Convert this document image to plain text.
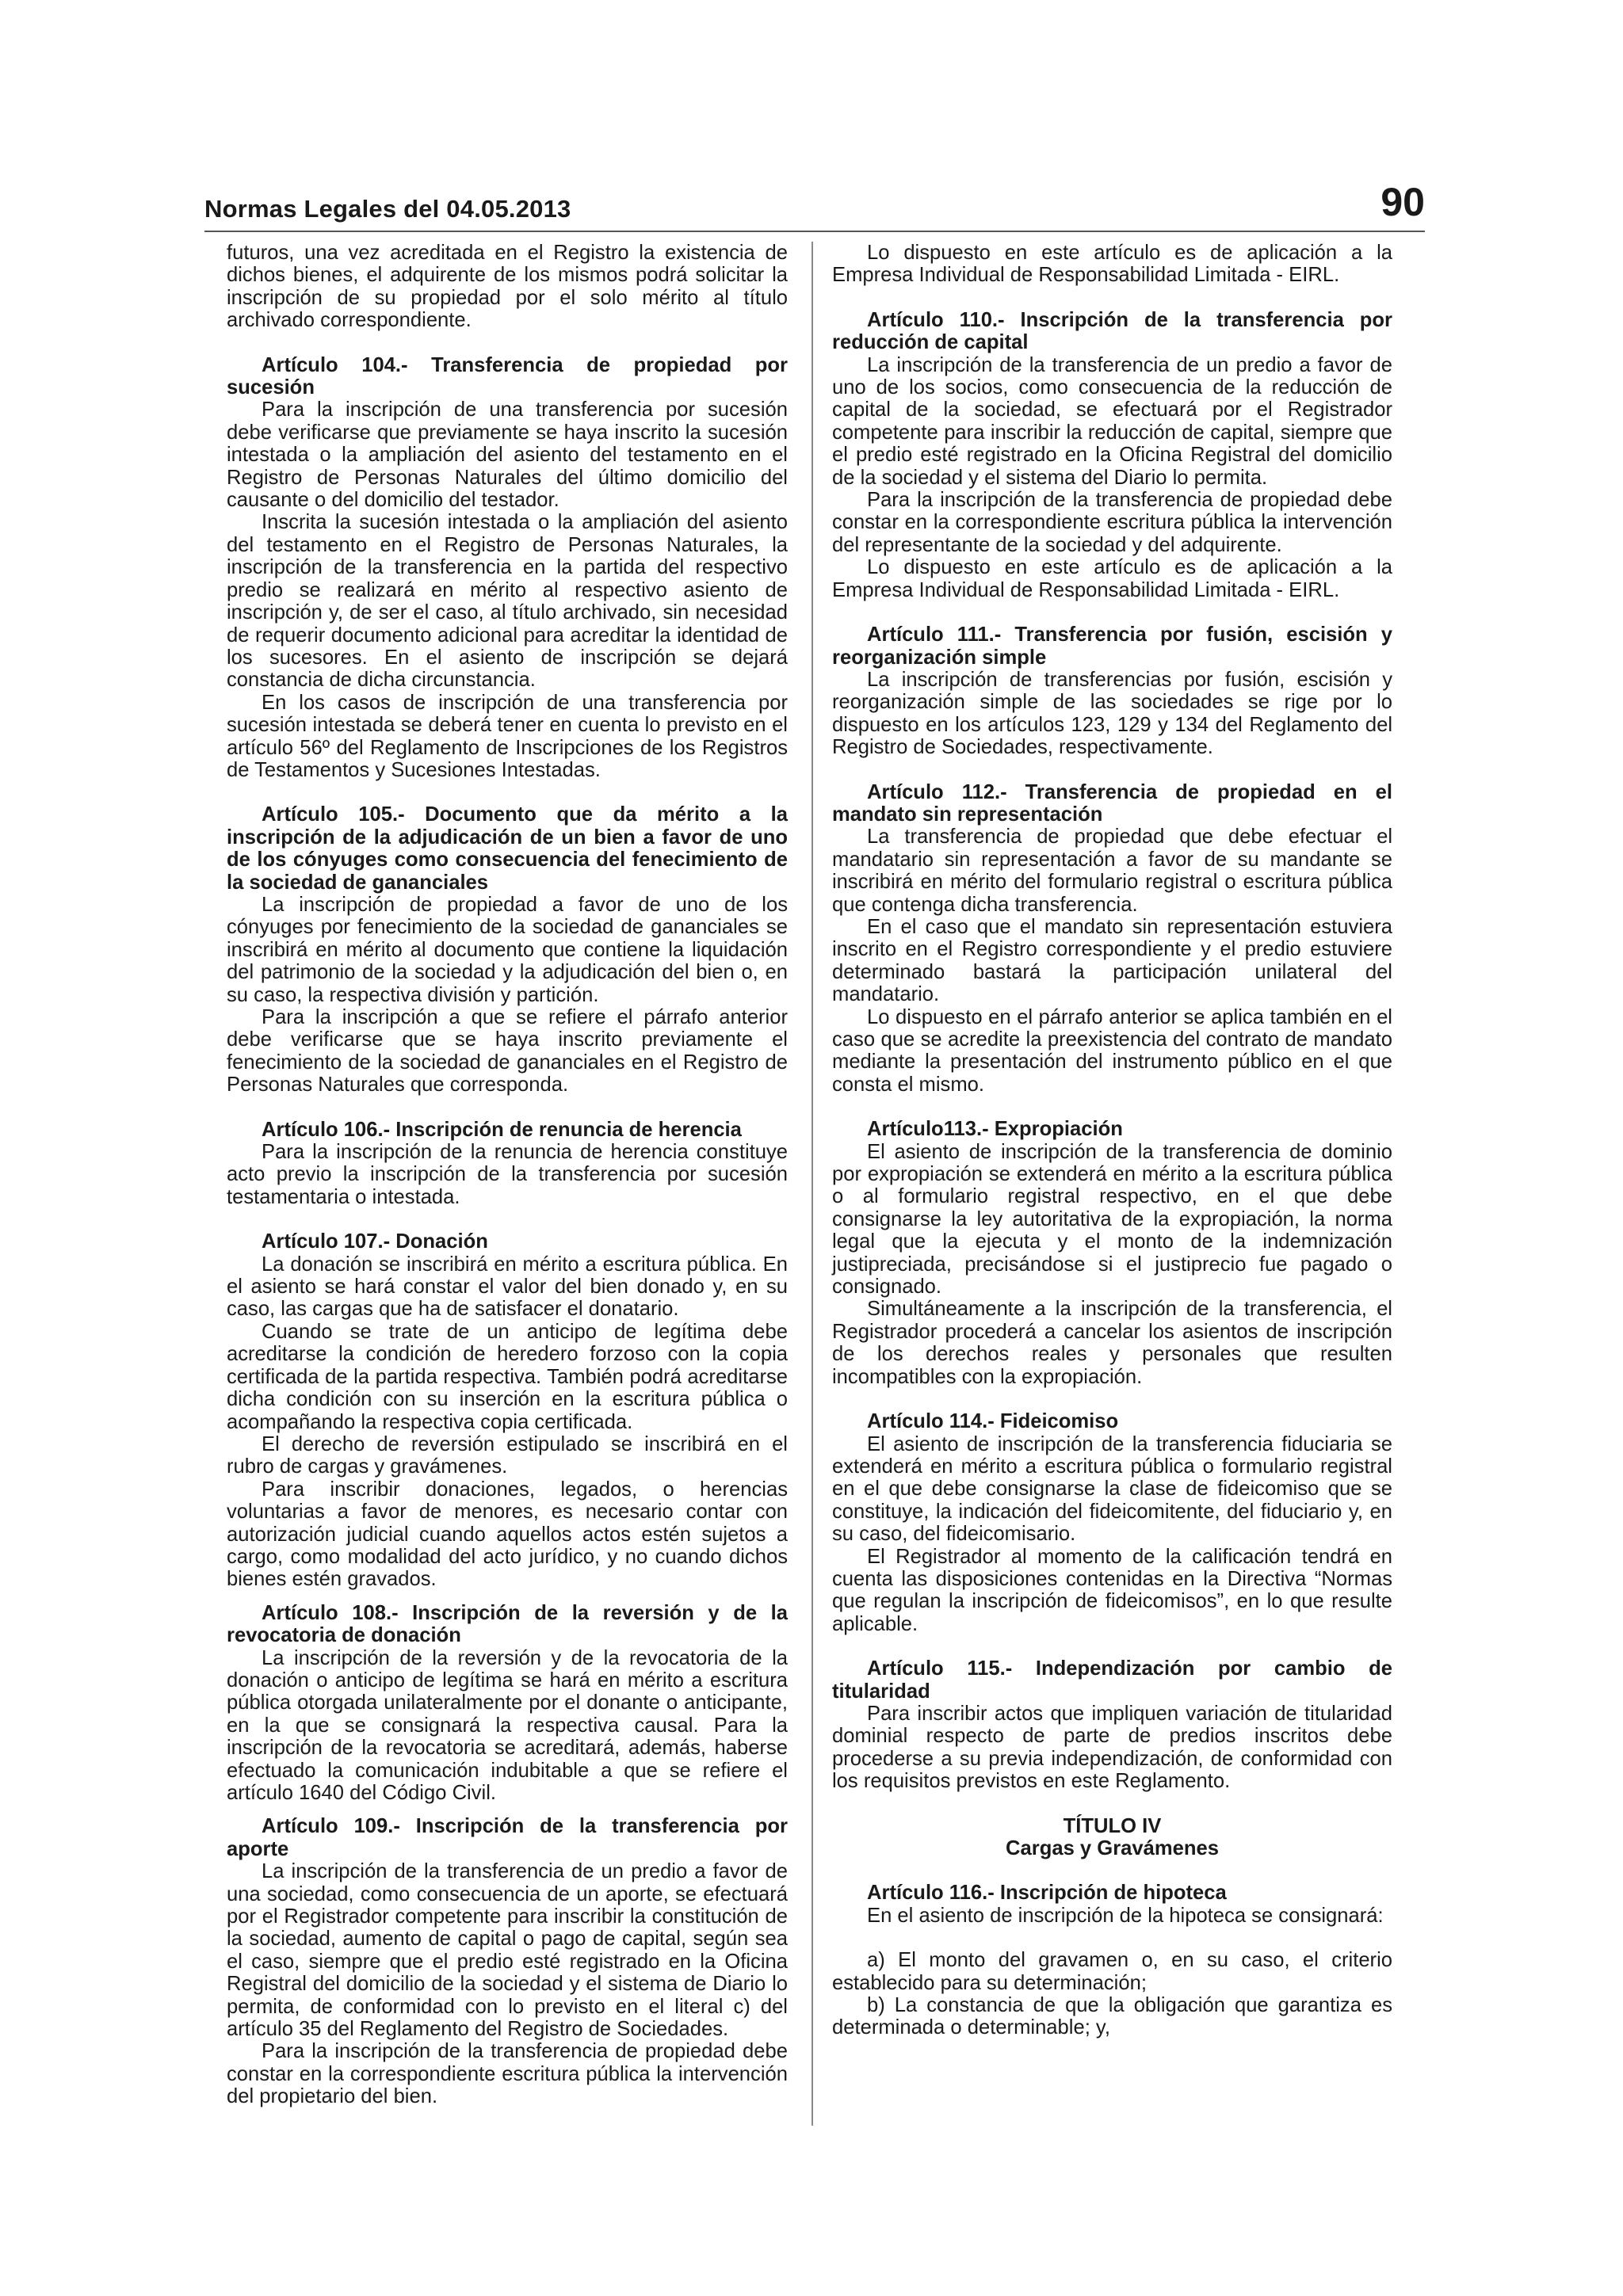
Normas Legales del 04.05.2013	90

futuros, una vez acreditada en el Registro la existencia de dichos bienes, el adquirente de los mismos podrá solicitar la inscripción de su propiedad por el solo mérito al título archivado correspondiente.

Artículo 104.- Transferencia de propiedad por sucesión

Para la inscripción de una transferencia por sucesión debe verificarse que previamente se haya inscrito la sucesión intestada o la ampliación del asiento del testamento en el Registro de Personas Naturales del último domicilio del causante o del domicilio del testador.

Inscrita la sucesión intestada o la ampliación del asiento del testamento en el Registro de Personas Naturales, la inscripción de la transferencia en la partida del respectivo predio se realizará en mérito al respectivo asiento de inscripción y, de ser el caso, al título archivado, sin necesidad de requerir documento adicional para acreditar la identidad de los sucesores. En el asiento de inscripción se dejará constancia de dicha circunstancia.

En los casos de inscripción de una transferencia por sucesión intestada se deberá tener en cuenta lo previsto en el artículo 56º del Reglamento de Inscripciones de los Registros de Testamentos y Sucesiones Intestadas.

Artículo 105.- Documento que da mérito a la inscripción de la adjudicación de un bien a favor de uno de los cónyuges como consecuencia del fenecimiento de la sociedad de gananciales

La inscripción de propiedad a favor de uno de los cónyuges por fenecimiento de la sociedad de gananciales se inscribirá en mérito al documento que contiene la liquidación del patrimonio de la sociedad y la adjudicación del bien o, en su caso, la respectiva división y partición.

Para la inscripción a que se refiere el párrafo anterior debe verificarse que se haya inscrito previamente el fenecimiento de la sociedad de gananciales en el Registro de Personas Naturales que corresponda.

Artículo 106.- Inscripción de renuncia de herencia

Para la inscripción de la renuncia de herencia constituye acto previo la inscripción de la transferencia por sucesión testamentaria o intestada.

Artículo 107.- Donación

La donación se inscribirá en mérito a escritura pública. En el asiento se hará constar el valor del bien donado y, en su caso, las cargas que ha de satisfacer el donatario.

Cuando se trate de un anticipo de legítima debe acreditarse la condición de heredero forzoso con la copia certificada de la partida respectiva. También podrá acreditarse dicha condición con su inserción en la escritura pública o acompañando la respectiva copia certificada.

El derecho de reversión estipulado se inscribirá en el rubro de cargas y gravámenes.

Para inscribir donaciones, legados, o herencias voluntarias a favor de menores, es necesario contar con autorización judicial cuando aquellos actos estén sujetos a cargo, como modalidad del acto jurídico, y no cuando dichos bienes estén gravados.

Artículo 108.- Inscripción de la reversión y de la revocatoria de donación

La inscripción de la reversión y de la revocatoria de la donación o anticipo de legítima se hará en mérito a escritura pública otorgada unilateralmente por el donante o anticipante, en la que se consignará la respectiva causal. Para la inscripción de la revocatoria se acreditará, además, haberse efectuado la comunicación indubitable a que se refiere el artículo 1640 del Código Civil.

Artículo 109.- Inscripción de la transferencia por aporte

La inscripción de la transferencia de un predio a favor de una sociedad, como consecuencia de un aporte, se efectuará por el Registrador competente para inscribir la constitución de la sociedad, aumento de capital o pago de capital, según sea el caso, siempre que el predio esté registrado en la Oficina Registral del domicilio de la sociedad y el sistema de Diario lo permita, de conformidad con lo previsto en el literal c) del artículo 35 del Reglamento del Registro de Sociedades.

Para la inscripción de la transferencia de propiedad debe constar en la correspondiente escritura pública la intervención del propietario del bien.

Lo dispuesto en este artículo es de aplicación a la Empresa Individual de Responsabilidad Limitada - EIRL.

Artículo 110.- Inscripción de la transferencia por reducción de capital

La inscripción de la transferencia de un predio a favor de uno de los socios, como consecuencia de la reducción de capital de la sociedad, se efectuará por el Registrador competente para inscribir la reducción de capital, siempre que el predio esté registrado en la Oficina Registral del domicilio de la sociedad y el sistema del Diario lo permita.

Para la inscripción de la transferencia de propiedad debe constar en la correspondiente escritura pública la intervención del representante de la sociedad y del adquirente.

Lo dispuesto en este artículo es de aplicación a la Empresa Individual de Responsabilidad Limitada - EIRL.

Artículo 111.- Transferencia por fusión, escisión y reorganización simple

La inscripción de transferencias por fusión, escisión y reorganización simple de las sociedades se rige por lo dispuesto en los artículos 123, 129 y 134 del Reglamento del Registro de Sociedades, respectivamente.

Artículo 112.- Transferencia de propiedad en el mandato sin representación

La transferencia de propiedad que debe efectuar el mandatario sin representación a favor de su mandante se inscribirá en mérito del formulario registral o escritura pública que contenga dicha transferencia.

En el caso que el mandato sin representación estuviera inscrito en el Registro correspondiente y el predio estuviere determinado bastará la participación unilateral del mandatario.

Lo dispuesto en el párrafo anterior se aplica también en el caso que se acredite la preexistencia del contrato de mandato mediante la presentación del instrumento público en el que consta el mismo.

Artículo113.- Expropiación

El asiento de inscripción de la transferencia de dominio por expropiación se extenderá en mérito a la escritura pública o al formulario registral respectivo, en el que debe consignarse la ley autoritativa de la expropiación, la norma legal que la ejecuta y el monto de la indemnización justipreciada, precisándose si el justiprecio fue pagado o consignado.

Simultáneamente a la inscripción de la transferencia, el Registrador procederá a cancelar los asientos de inscripción de los derechos reales y personales que resulten incompatibles con la expropiación.

Artículo 114.- Fideicomiso

El asiento de inscripción de la transferencia fiduciaria se extenderá en mérito a escritura pública o formulario registral en el que debe consignarse la clase de fideicomiso que se constituye, la indicación del fideicomitente, del fiduciario y, en su caso, del fideicomisario.

El Registrador al momento de la calificación tendrá en cuenta las disposiciones contenidas en la Directiva “Normas que regulan la inscripción de fideicomisos”, en lo que resulte aplicable.

Artículo 115.- Independización por cambio de titularidad

Para inscribir actos que impliquen variación de titularidad dominial respecto de parte de predios inscritos debe procederse a su previa independización, de conformidad con los requisitos previstos en este Reglamento.

TÍTULO IV

Cargas y Gravámenes

Artículo 116.- Inscripción de hipoteca

En el asiento de inscripción de la hipoteca se consignará:

a) El monto del gravamen o, en su caso, el criterio establecido para su determinación;

b) La constancia de que la obligación que garantiza es determinada o determinable; y,
